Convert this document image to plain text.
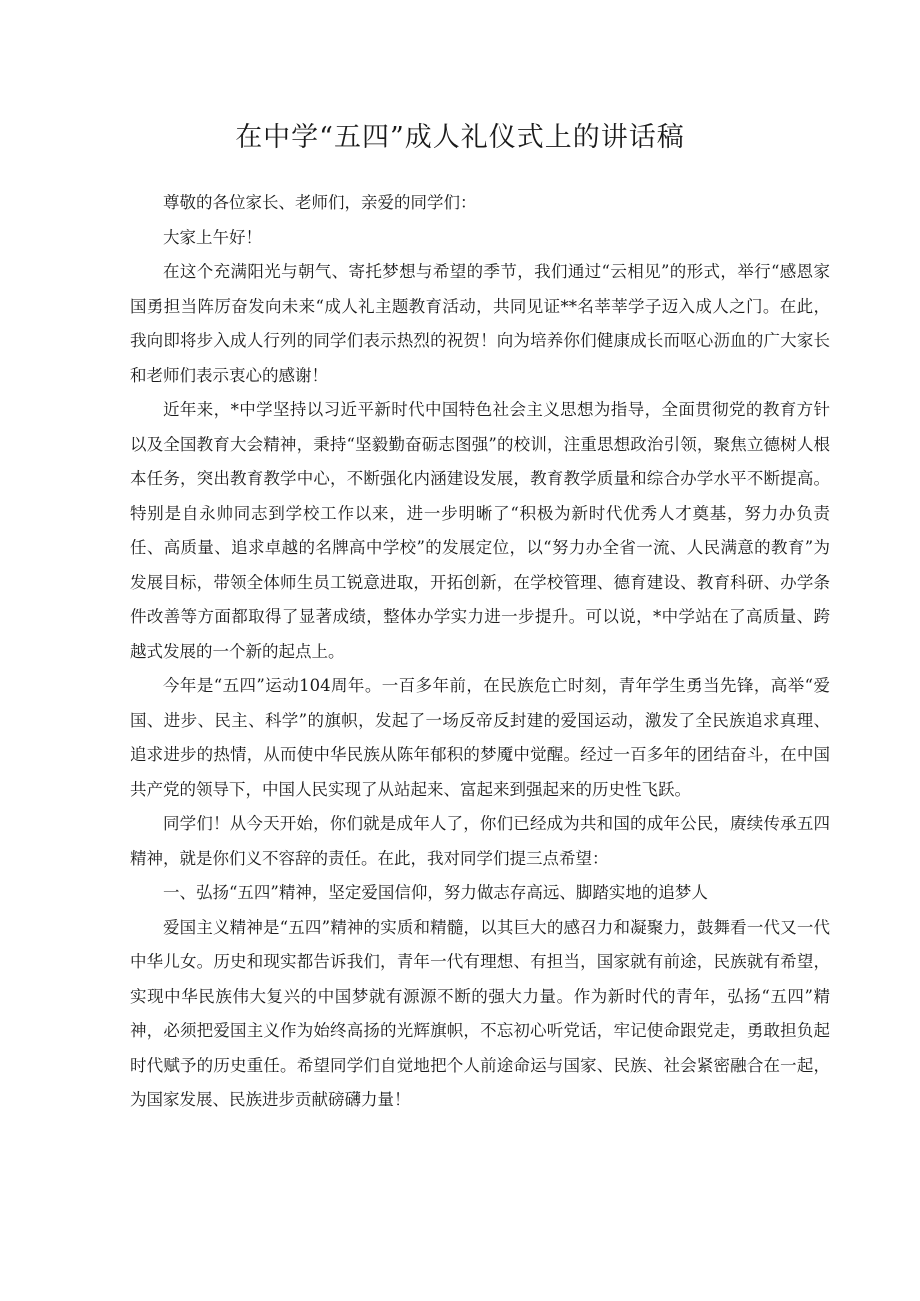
在中学“五四”成人礼仪式上的讲话稿

尊敬的各位家长、老师们，亲爱的同学们：

大家上午好！

在这个充满阳光与朝气、寄托梦想与希望的季节，我们通过“云相见”的形式，举行“感恩家国勇担当阵厉奋发向未来“成人礼主题教育活动，共同见证**名莘莘学子迈入成人之门。在此，我向即将步入成人行列的同学们表示热烈的祝贺！向为培养你们健康成长而呕心沥血的广大家长和老师们表示衷心的感谢！

近年来，*中学坚持以习近平新时代中国特色社会主义思想为指导，全面贯彻党的教育方针以及全国教育大会精神，秉持“坚毅勤奋砺志图强”的校训，注重思想政治引领，聚焦立德树人根本任务，突出教育教学中心，不断强化内涵建设发展，教育教学质量和综合办学水平不断提高。特别是自永帅同志到学校工作以来，进一步明晰了“积极为新时代优秀人才奠基，努力办负责任、高质量、追求卓越的名牌高中学校”的发展定位，以“努力办全省一流、人民满意的教育”为发展目标，带领全体师生员工锐意进取，开拓创新，在学校管理、德育建设、教育科研、办学条件改善等方面都取得了显著成绩，整体办学实力进一步提升。可以说，*中学站在了高质量、跨越式发展的一个新的起点上。

今年是“五四”运动104周年。一百多年前，在民族危亡时刻，青年学生勇当先锋，高举“爱国、进步、民主、科学”的旗帜，发起了一场反帝反封建的爱国运动，激发了全民族追求真理、追求进步的热情，从而使中华民族从陈年郁积的梦魇中觉醒。经过一百多年的团结奋斗，在中国共产党的领导下，中国人民实现了从站起来、富起来到强起来的历史性飞跃。

同学们！从今天开始，你们就是成年人了，你们已经成为共和国的成年公民，赓续传承五四精神，就是你们义不容辞的责任。在此，我对同学们提三点希望：

一、弘扬“五四”精神，坚定爱国信仰，努力做志存高远、脚踏实地的追梦人

爱国主义精神是“五四”精神的实质和精髓，以其巨大的感召力和凝聚力，鼓舞看一代又一代中华儿女。历史和现实都告诉我们，青年一代有理想、有担当，国家就有前途，民族就有希望，实现中华民族伟大复兴的中国梦就有源源不断的强大力量。作为新时代的青年，弘扬“五四”精神，必须把爱国主义作为始终高扬的光辉旗帜，不忘初心听党话，牢记使命跟党走，勇敢担负起时代赋予的历史重任。希望同学们自觉地把个人前途命运与国家、民族、社会紧密融合在一起，为国家发展、民族进步贡献磅礴力量！
